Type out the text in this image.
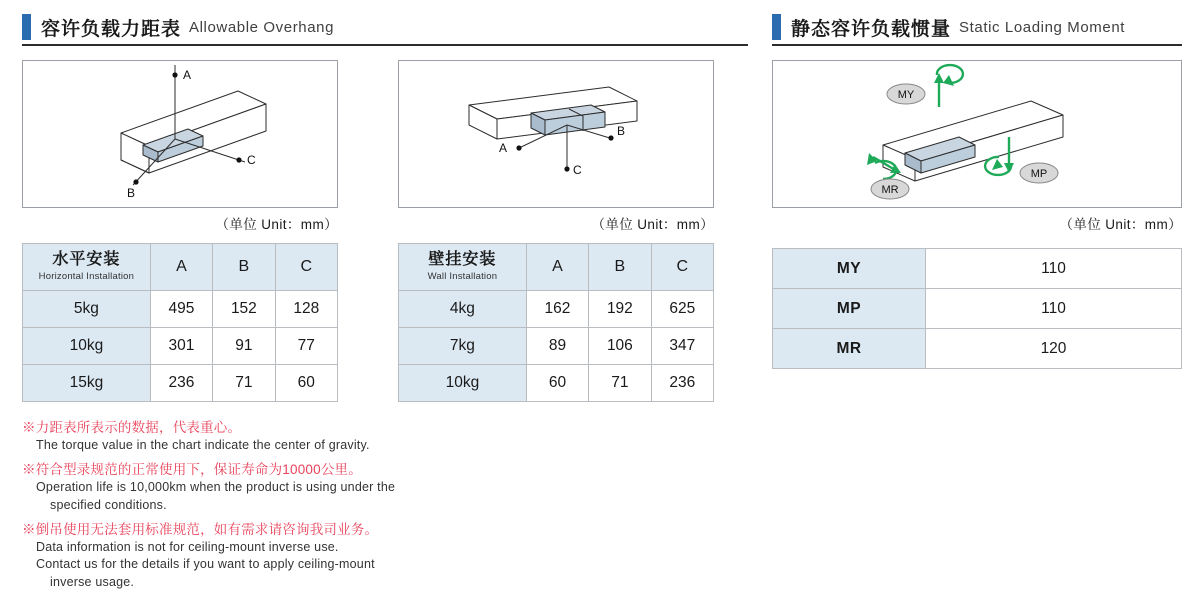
容许负载力距表 Allowable Overhang	静态容许负载惯量 Static Loading Moment
A
C
B
（单位 Unit：mm）
A
B
C
（单位 Unit：mm）
MY
MP
MR
（单位 Unit：mm）
水平安装
Horizontal Installation	A	B	C
5kg	495	152	128
10kg	301	91	77
15kg	236	71	60
壁挂安装
Wall Installation	A	B	C
4kg	162	192	625
7kg	89	106	347
10kg	60	71	236
MY	110
MP	110
MR	120
※力距表所表示的数据，代表重心。
The torque value in the chart indicate the center of gravity.
※符合型录规范的正常使用下，保证寿命为10000公里。
Operation life is 10,000km when the product is using under the
specified conditions.
※倒吊使用无法套用标准规范，如有需求请咨询我司业务。
Data information is not for ceiling-mount inverse use.
Contact us for the details if you want to apply ceiling-mount
inverse usage.
